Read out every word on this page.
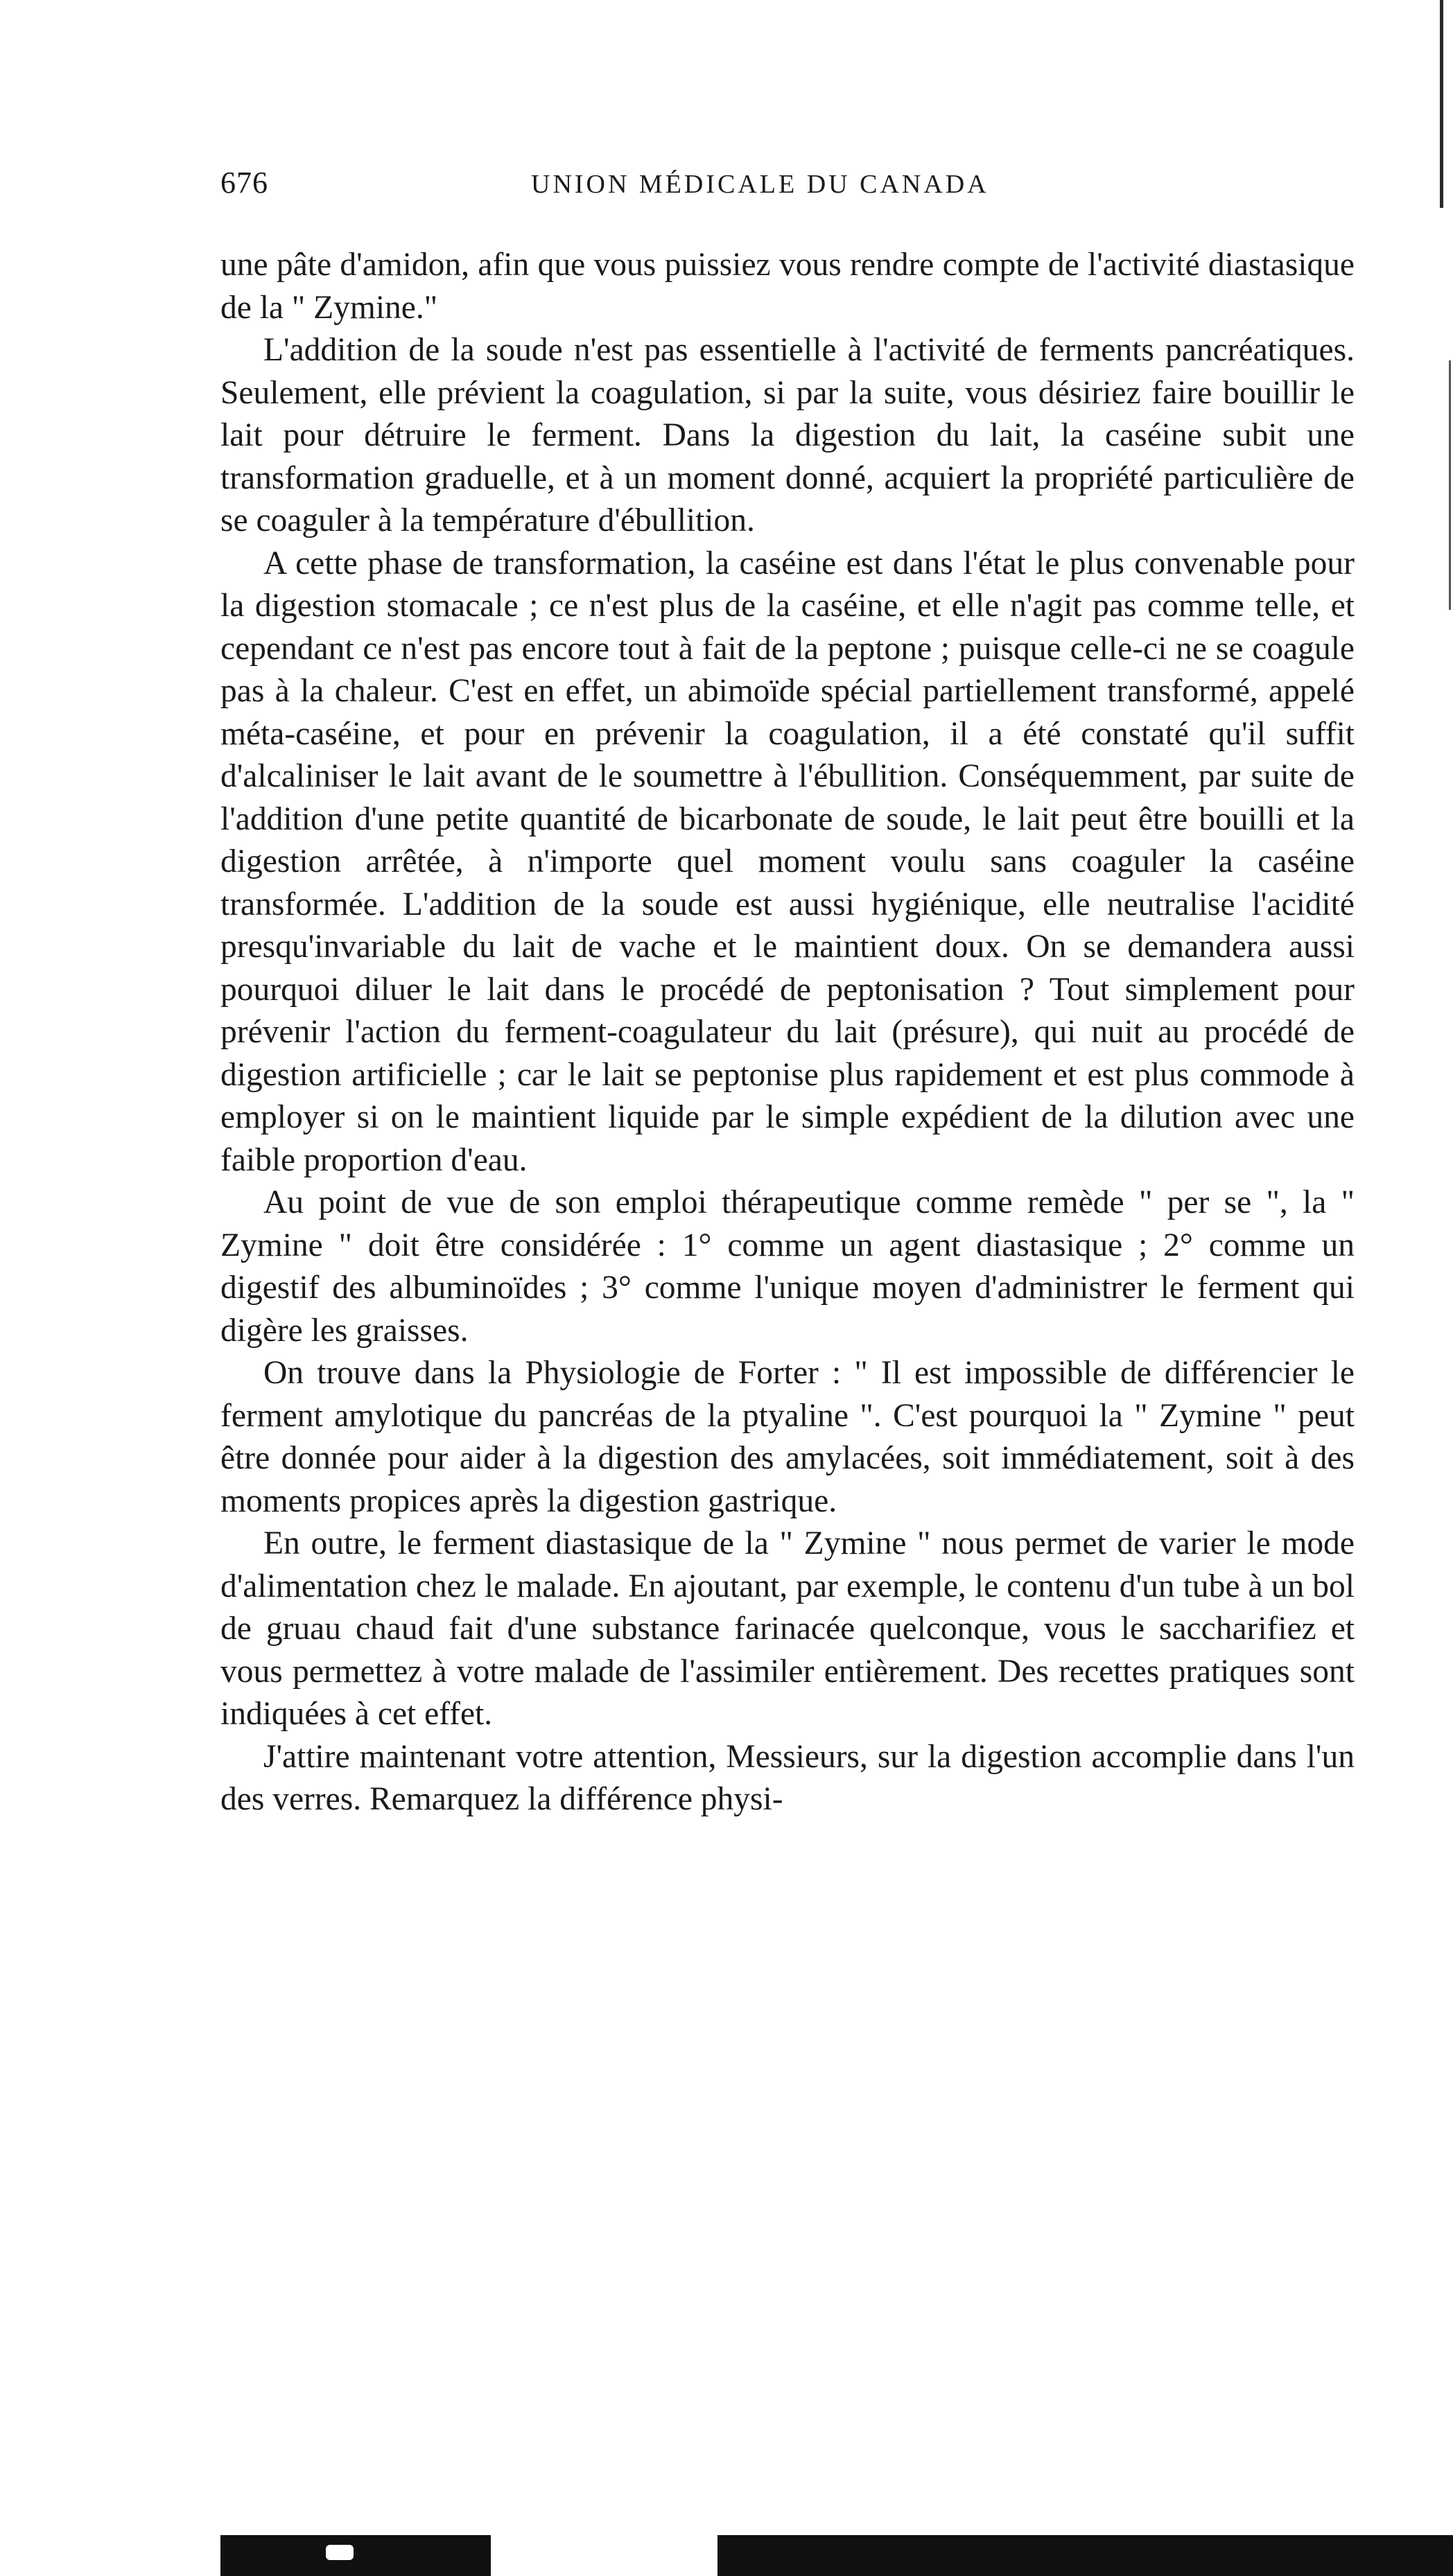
676	UNION MÉDICALE DU CANADA

une pâte d'amidon, afin que vous puissiez vous rendre compte de l'activité diastasique de la " Zymine."

L'addition de la soude n'est pas essentielle à l'activité de ferments pancréatiques. Seulement, elle prévient la coagulation, si par la suite, vous désiriez faire bouillir le lait pour détruire le ferment. Dans la digestion du lait, la caséine subit une transformation graduelle, et à un moment donné, acquiert la propriété particulière de se coaguler à la température d'ébullition.

A cette phase de transformation, la caséine est dans l'état le plus convenable pour la digestion stomacale ; ce n'est plus de la caséine, et elle n'agit pas comme telle, et cependant ce n'est pas encore tout à fait de la peptone ; puisque celle-ci ne se coagule pas à la chaleur. C'est en effet, un abimoïde spécial partiellement transformé, appelé méta-caséine, et pour en prévenir la coagulation, il a été constaté qu'il suffit d'alcaliniser le lait avant de le soumettre à l'ébullition. Conséquemment, par suite de l'addition d'une petite quantité de bicarbonate de soude, le lait peut être bouilli et la digestion arrêtée, à n'importe quel moment voulu sans coaguler la caséine transformée. L'addition de la soude est aussi hygiénique, elle neutralise l'acidité presqu'invariable du lait de vache et le maintient doux. On se demandera aussi pourquoi diluer le lait dans le procédé de peptonisation ? Tout simplement pour prévenir l'action du ferment-coagulateur du lait (présure), qui nuit au procédé de digestion artificielle ; car le lait se peptonise plus rapidement et est plus commode à employer si on le maintient liquide par le simple expédient de la dilution avec une faible proportion d'eau.

Au point de vue de son emploi thérapeutique comme remède " per se ", la " Zymine " doit être considérée : 1° comme un agent diastasique ; 2° comme un digestif des albuminoïdes ; 3° comme l'unique moyen d'administrer le ferment qui digère les graisses.

On trouve dans la Physiologie de Forter : " Il est impossible de différencier le ferment amylotique du pancréas de la ptyaline ". C'est pourquoi la " Zymine " peut être donnée pour aider à la digestion des amylacées, soit immédiatement, soit à des moments propices après la digestion gastrique.

En outre, le ferment diastasique de la " Zymine " nous permet de varier le mode d'alimentation chez le malade. En ajoutant, par exemple, le contenu d'un tube à un bol de gruau chaud fait d'une substance farinacée quelconque, vous le saccharifiez et vous permettez à votre malade de l'assimiler entièrement. Des recettes pratiques sont indiquées à cet effet.

J'attire maintenant votre attention, Messieurs, sur la digestion accomplie dans l'un des verres. Remarquez la différence physi-
